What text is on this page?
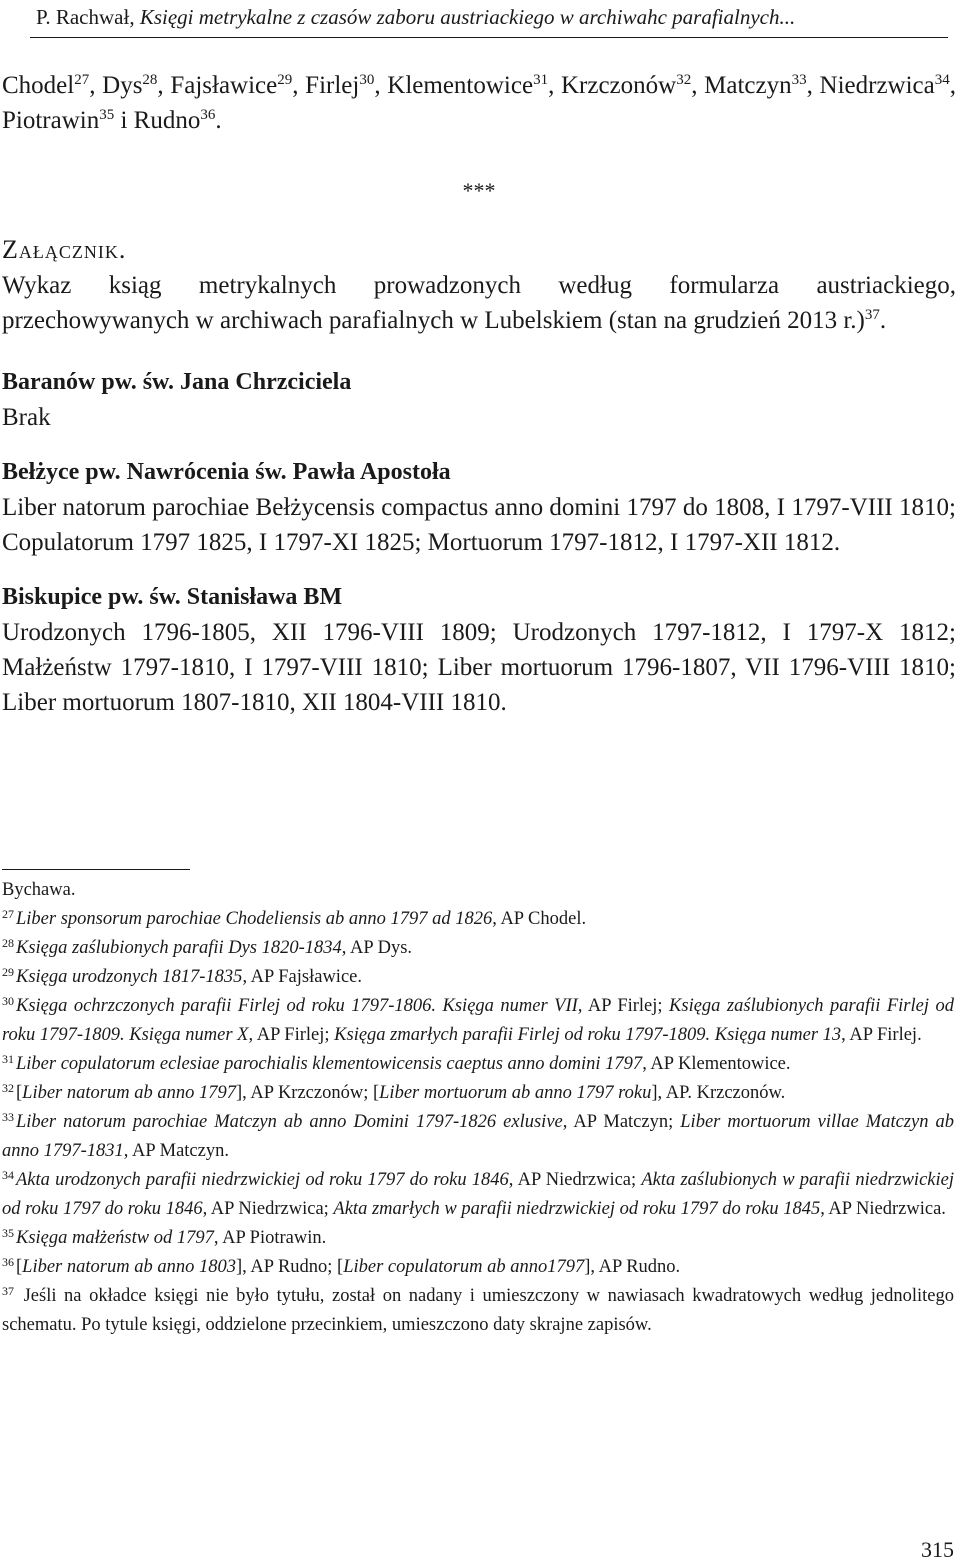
P. Rachwał, Księgi metrykalne z czasów zaboru austriackiego w archiwahc parafialnych...

Chodel$^{27}$, Dys$^{28}$, Fajsławice$^{29}$, Firlej$^{30}$, Klementowice$^{31}$, Krzczonów$^{32}$, Matczyn$^{33}$, Niedrzwica$^{34}$, Piotrawin$^{35}$ i Rudno$^{36}$.

***

Załącznik.

Wykaz ksiąg metrykalnych prowadzonych według formularza austriackiego, przechowywanych w archiwach parafialnych w Lubelskiem (stan na grudzień 2013 r.)$^{37}$.

Baranów pw. św. Jana Chrzciciela

Brak

Bełżyce pw. Nawrócenia św. Pawła Apostoła

Liber natorum parochiae Bełżycensis compactus anno domini 1797 do 1808, I 1797-VIII 1810; Copulatorum 1797 1825, I 1797-XI 1825; Mortuorum 1797-1812, I 1797-XII 1812.

Biskupice pw. św. Stanisława BM

Urodzonych 1796-1805, XII 1796-VIII 1809; Urodzonych 1797-1812, I 1797-X 1812; Małżeństw 1797-1810, I 1797-VIII 1810; Liber mortuorum 1796-1807, VII 1796-VIII 1810; Liber mortuorum 1807-1810, XII 1804-VIII 1810.

Bychawa.

$^{27}$ Liber sponsorum parochiae Chodeliensis ab anno 1797 ad 1826, AP Chodel.

$^{28}$ Księga zaślubionych parafii Dys 1820-1834, AP Dys.

$^{29}$ Księga urodzonych 1817-1835, AP Fajsławice.

$^{30}$ Księga ochrzczonych parafii Firlej od roku 1797-1806. Księga numer VII, AP Firlej; Księga zaślubionych parafii Firlej od roku 1797-1809. Księga numer X, AP Firlej; Księga zmarłych parafii Firlej od roku 1797-1809. Księga numer 13, AP Firlej.

$^{31}$ Liber copulatorum eclesiae parochialis klementowicensis caeptus anno domini 1797, AP Klementowice.

$^{32}$ [Liber natorum ab anno 1797], AP Krzczonów; [Liber mortuorum ab anno 1797 roku], AP. Krzczonów.

$^{33}$ Liber natorum parochiae Matczyn ab anno Domini 1797-1826 exlusive, AP Matczyn; Liber mortuorum villae Matczyn ab anno 1797-1831, AP Matczyn.

$^{34}$ Akta urodzonych parafii niedrzwickiej od roku 1797 do roku 1846, AP Niedrzwica; Akta zaślubionych w parafii niedrzwickiej od roku 1797 do roku 1846, AP Niedrzwica; Akta zmarłych w parafii niedrzwickiej od roku 1797 do roku 1845, AP Niedrzwica.

$^{35}$ Księga małżeństw od 1797, AP Piotrawin.

$^{36}$ [Liber natorum ab anno 1803], AP Rudno; [Liber copulatorum ab anno1797], AP Rudno.

$^{37}$ Jeśli na okładce księgi nie było tytułu, został on nadany i umieszczony w nawiasach kwadratowych według jednolitego schematu. Po tytule księgi, oddzielone przecinkiem, umieszczono daty skrajne zapisów.

315
